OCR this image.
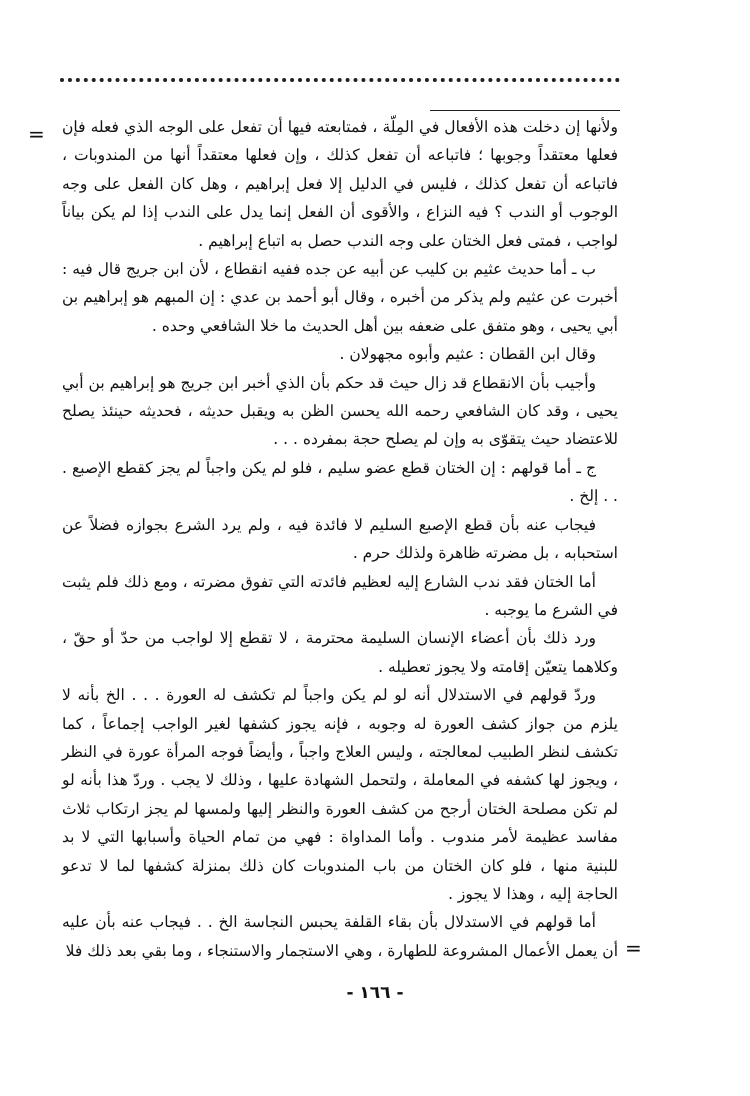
= ولأنها إن دخلت هذه الأفعال في المِلّة ، فمتابعته فيها أن تفعل على الوجه الذي فعله فإن فعلها معتقداً وجوبها ؛ فاتباعه أن تفعل كذلك ، وإن فعلها معتقداً أنها من المندوبات ، فاتباعه أن تفعل كذلك ، فليس في الدليل إلا فعل إبراهيم ، وهل كان الفعل على وجه الوجوب أو الندب ؟ فيه النزاع ، والأقوى أن الفعل إنما يدل على الندب إذا لم يكن بياناً لواجب ، فمتى فعل الختان على وجه الندب حصل به اتباع إبراهيم .

ب ـ أما حديث عثيم بن كليب عن أبيه عن جده ففيه انقطاع ، لأن ابن جريج قال فيه : أخبرت عن عثيم ولم يذكر من أخبره ، وقال أبو أحمد بن عدي : إن المبهم هو إبراهيم بن أبي يحيى ، وهو متفق على ضعفه بين أهل الحديث ما خلا الشافعي وحده .

وقال ابن القطان : عثيم وأبوه مجهولان .

وأجيب بأن الانقطاع قد زال حيث قد حكم بأن الذي أخبر ابن جريج هو إبراهيم بن أبي يحيى ، وقد كان الشافعي رحمه الله يحسن الظن به ويقبل حديثه ، فحديثه حينئذ يصلح للاعتضاد حيث يتقوّى به وإن لم يصلح حجة بمفرده . . .

ج ـ أما قولهم : إن الختان قطع عضو سليم ، فلو لم يكن واجباً لم يجز كقطع الإصبع . . . إلخ .

فيجاب عنه بأن قطع الإصبع السليم لا فائدة فيه ، ولم يرد الشرع بجوازه فضلاً عن استحبابه ، بل مضرته ظاهرة ولذلك حرم .

أما الختان فقد ندب الشارع إليه لعظيم فائدته التي تفوق مضرته ، ومع ذلك فلم يثبت في الشرع ما يوجبه .

ورد ذلك بأن أعضاء الإنسان السليمة محترمة ، لا تقطع إلا لواجب من حدّ أو حقّ ، وكلاهما يتعيّن إقامته ولا يجوز تعطيله .

وردّ قولهم في الاستدلال أنه لو لم يكن واجباً لم تكشف له العورة . . . الخ بأنه لا يلزم من جواز كشف العورة له وجوبه ، فإنه يجوز كشفها لغير الواجب إجماعاً ، كما تكشف لنظر الطبيب لمعالجته ، وليس العلاج واجباً ، وأيضاً فوجه المرأة عورة في النظر ، ويجوز لها كشفه في المعاملة ، ولتحمل الشهادة عليها ، وذلك لا يجب . وردّ هذا بأنه لو لم تكن مصلحة الختان أرجح من كشف العورة والنظر إليها ولمسها لم يجز ارتكاب ثلاث مفاسد عظيمة لأمر مندوب . وأما المداواة : فهي من تمام الحياة وأسبابها التي لا بد للبنية منها ، فلو كان الختان من باب المندوبات كان ذلك بمنزلة كشفها لما لا تدعو الحاجة إليه ، وهذا لا يجوز .

أما قولهم في الاستدلال بأن بقاء القلفة يحبس النجاسة الخ . . فيجاب عنه بأن عليه أن يعمل الأعمال المشروعة للطهارة ، وهي الاستجمار والاستنجاء ، وما بقي بعد ذلك فلا =
- ١٦٦ -
